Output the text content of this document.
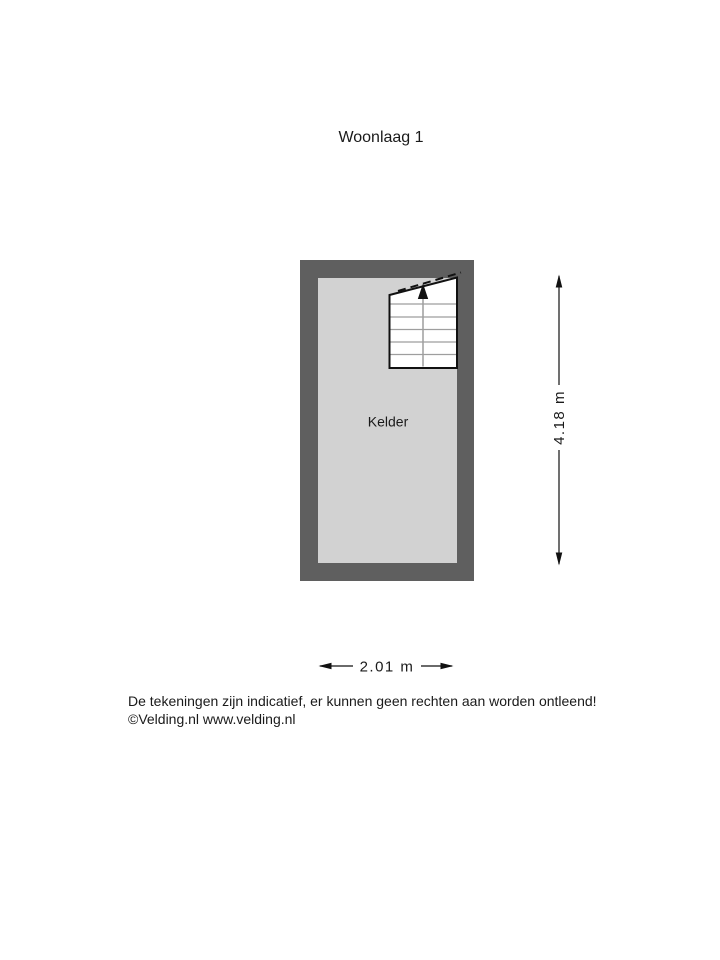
Woonlaag 1
4.18 m
2.01 m
Kelder
De tekeningen zijn indicatief, er kunnen geen rechten aan worden ontleend!
©Velding.nl www.velding.nl
